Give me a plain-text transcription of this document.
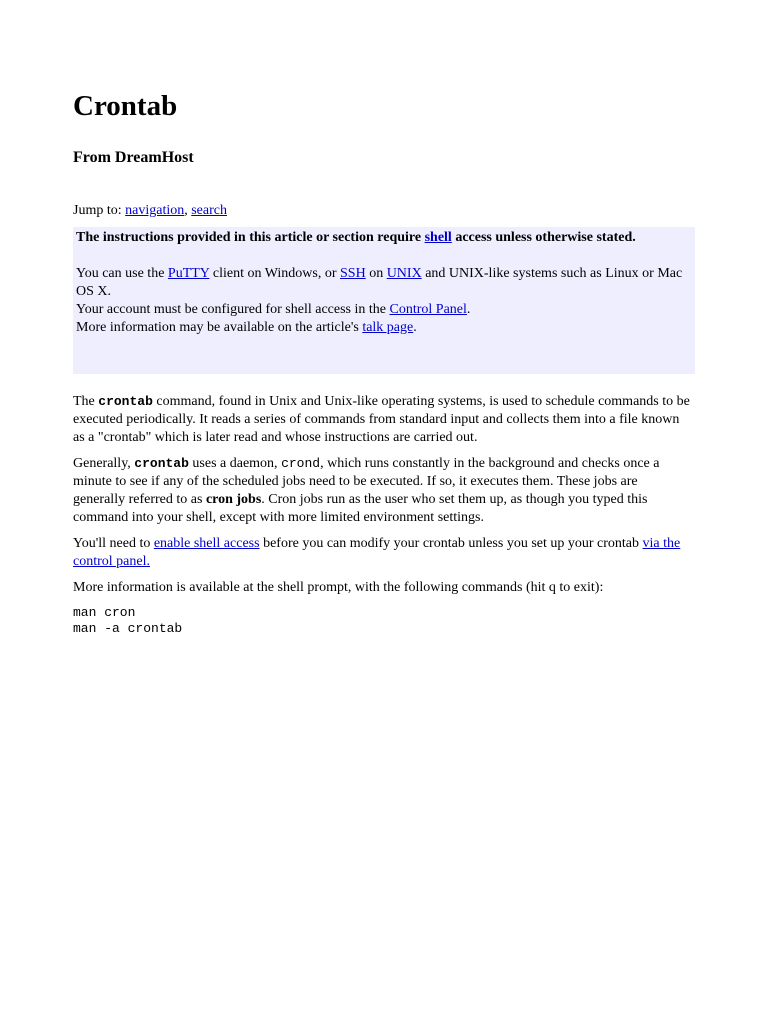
Crontab
From DreamHost
Jump to: navigation, search

The instructions provided in this article or section require shell access unless otherwise stated.

You can use the PuTTY client on Windows, or SSH on UNIX and UNIX-like systems such as Linux or Mac OS X.

Your account must be configured for shell access in the Control Panel.

More information may be available on the article's talk page.

The crontab command, found in Unix and Unix-like operating systems, is used to schedule commands to be executed periodically. It reads a series of commands from standard input and collects them into a file known as a "crontab" which is later read and whose instructions are carried out.

Generally, crontab uses a daemon, crond, which runs constantly in the background and checks once a minute to see if any of the scheduled jobs need to be executed. If so, it executes them. These jobs are generally referred to as cron jobs. Cron jobs run as the user who set them up, as though you typed this command into your shell, except with more limited environment settings.

You'll need to enable shell access before you can modify your crontab unless you set up your crontab via the control panel.

More information is available at the shell prompt, with the following commands (hit q to exit):

man cron
man -a crontab
